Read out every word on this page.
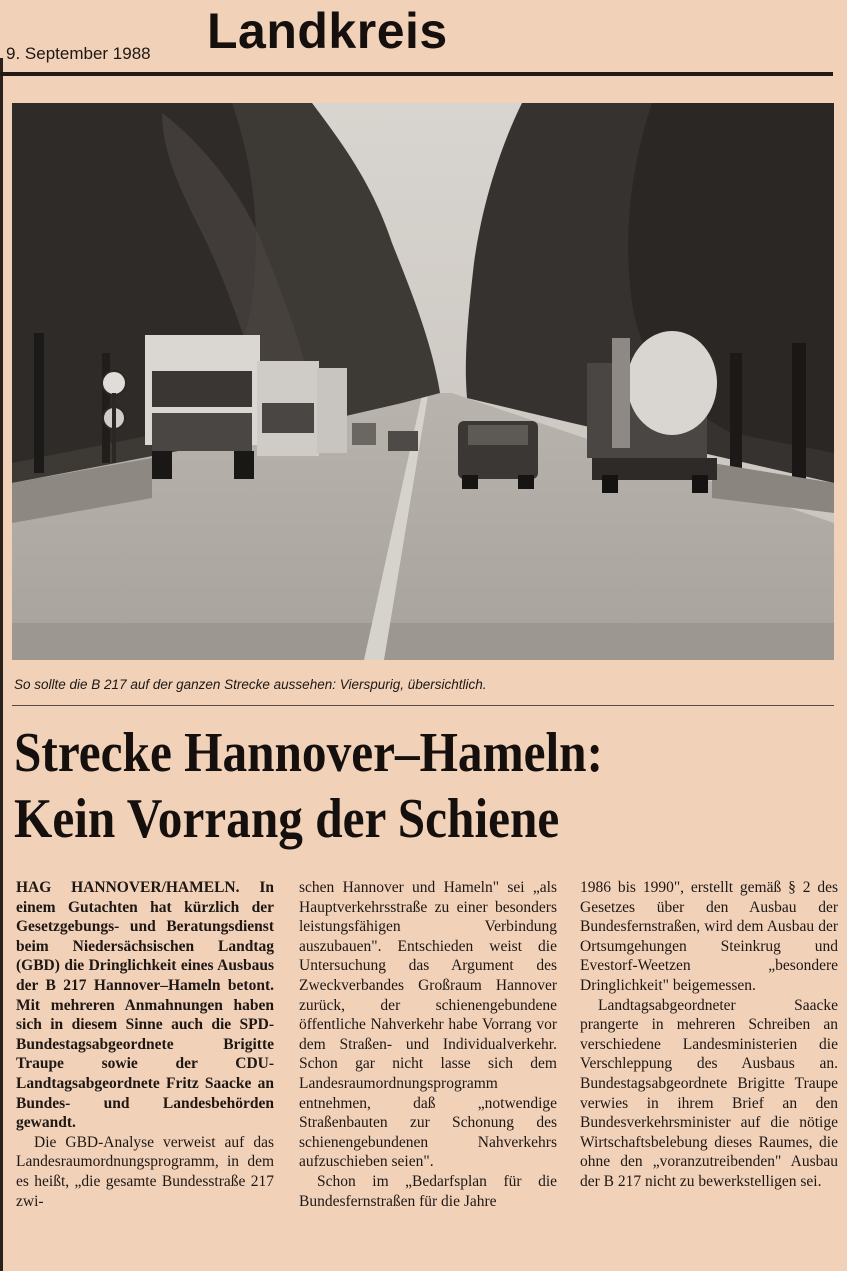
9. September 1988 Landkreis
So sollte die B 217 auf der ganzen Strecke aussehen: Vierspurig, übersichtlich.
Strecke Hannover–Hameln:
Kein Vorrang der Schiene

HAG HANNOVER/HAMELN. In einem Gutachten hat kürzlich der Gesetzgebungs- und Beratungsdienst beim Niedersächsischen Landtag (GBD) die Dringlichkeit eines Ausbaus der B 217 Hannover–Hameln betont. Mit mehreren Anmahnungen haben sich in diesem Sinne auch die SPD-Bundestagsabgeordnete Brigitte Traupe sowie der CDU-Landtagsabgeordnete Fritz Saacke an Bundes- und Landesbehörden gewandt.

Die GBD-Analyse verweist auf das Landesraumordnungsprogramm, in dem es heißt, „die gesamte Bundesstraße 217 zwi-

schen Hannover und Hameln" sei „als Hauptverkehrsstraße zu einer besonders leistungsfähigen Verbindung auszubauen". Entschieden weist die Untersuchung das Argument des Zweckverbandes Großraum Hannover zurück, der schienengebundene öffentliche Nahverkehr habe Vorrang vor dem Straßen- und Individualverkehr. Schon gar nicht lasse sich dem Landesraumordnungsprogramm entnehmen, daß „notwendige Straßenbauten zur Schonung des schienengebundenen Nahverkehrs aufzuschieben seien".

Schon im „Bedarfsplan für die Bundesfernstraßen für die Jahre

1986 bis 1990", erstellt gemäß § 2 des Gesetzes über den Ausbau der Bundesfernstraßen, wird dem Ausbau der Ortsumgehungen Steinkrug und Evestorf-Weetzen „besondere Dringlichkeit" beigemessen.

Landtagsabgeordneter Saacke prangerte in mehreren Schreiben an verschiedene Landesministerien die Verschleppung des Ausbaus an. Bundestagsabgeordnete Brigitte Traupe verwies in ihrem Brief an den Bundesverkehrsminister auf die nötige Wirtschaftsbelebung dieses Raumes, die ohne den „voranzutreibenden" Ausbau der B 217 nicht zu bewerkstelligen sei.
